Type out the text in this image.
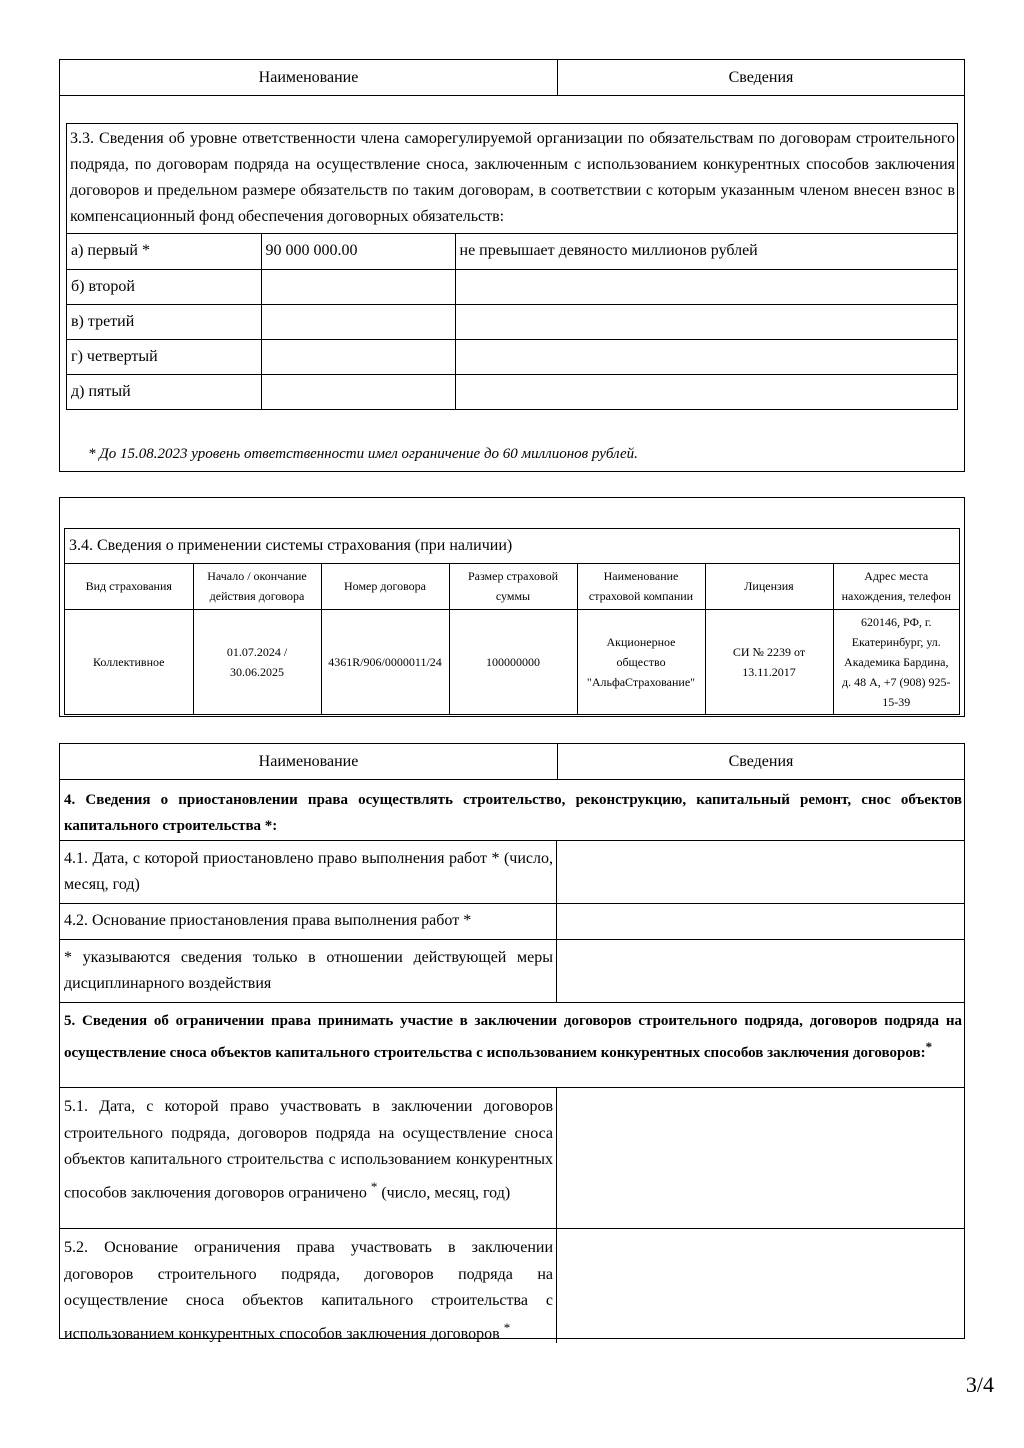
Наименование	Сведения
3.3. Сведения об уровне ответственности члена саморегулируемой организации по обязательствам по договорам строительного подряда, по договорам подряда на осуществление сноса, заключенным с использованием конкурентных способов заключения договоров и предельном размере обязательств по таким договорам, в соответствии с которым указанным членом внесен взнос в компенсационный фонд обеспечения договорных обязательств:
а) первый *	90 000 000.00	не превышает девяносто миллионов рублей
б) второй		
в) третий		
г) четвертый		
д) пятый		
* До 15.08.2023 уровень ответственности имел ограничение до 60 миллионов рублей.
3.4. Сведения о применении системы страхования (при наличии)
Вид страхования	Начало / окончание действия договора	Номер договора	Размер страховой суммы	Наименование страховой компании	Лицензия	Адрес места нахождения, телефон
Коллективное	01.07.2024 / 30.06.2025	4361R/906/0000011/24	100000000	Акционерное общество "АльфаСтрахование"	СИ № 2239 от 13.11.2017	620146, РФ, г. Екатеринбург, ул. Академика Бардина, д. 48 А, +7 (908) 925-15-39
Наименование	Сведения
4. Сведения о приостановлении права осуществлять строительство, реконструкцию, капитальный ремонт, снос объектов капитального строительства *:
4.1. Дата, с которой приостановлено право выполнения работ * (число, месяц, год)
4.2. Основание приостановления права выполнения работ *
* указываются сведения только в отношении действующей меры дисциплинарного воздействия
5. Сведения об ограничении права принимать участие в заключении договоров строительного подряда, договоров подряда на осуществление сноса объектов капитального строительства с использованием конкурентных способов заключения договоров:*
5.1. Дата, с которой право участвовать в заключении договоров строительного подряда, договоров подряда на осуществление сноса объектов капитального строительства с использованием конкурентных способов заключения договоров ограничено * (число, месяц, год)
5.2. Основание ограничения права участвовать в заключении договоров строительного подряда, договоров подряда на осуществление сноса объектов капитального строительства с использованием конкурентных способов заключения договоров *
3/4
